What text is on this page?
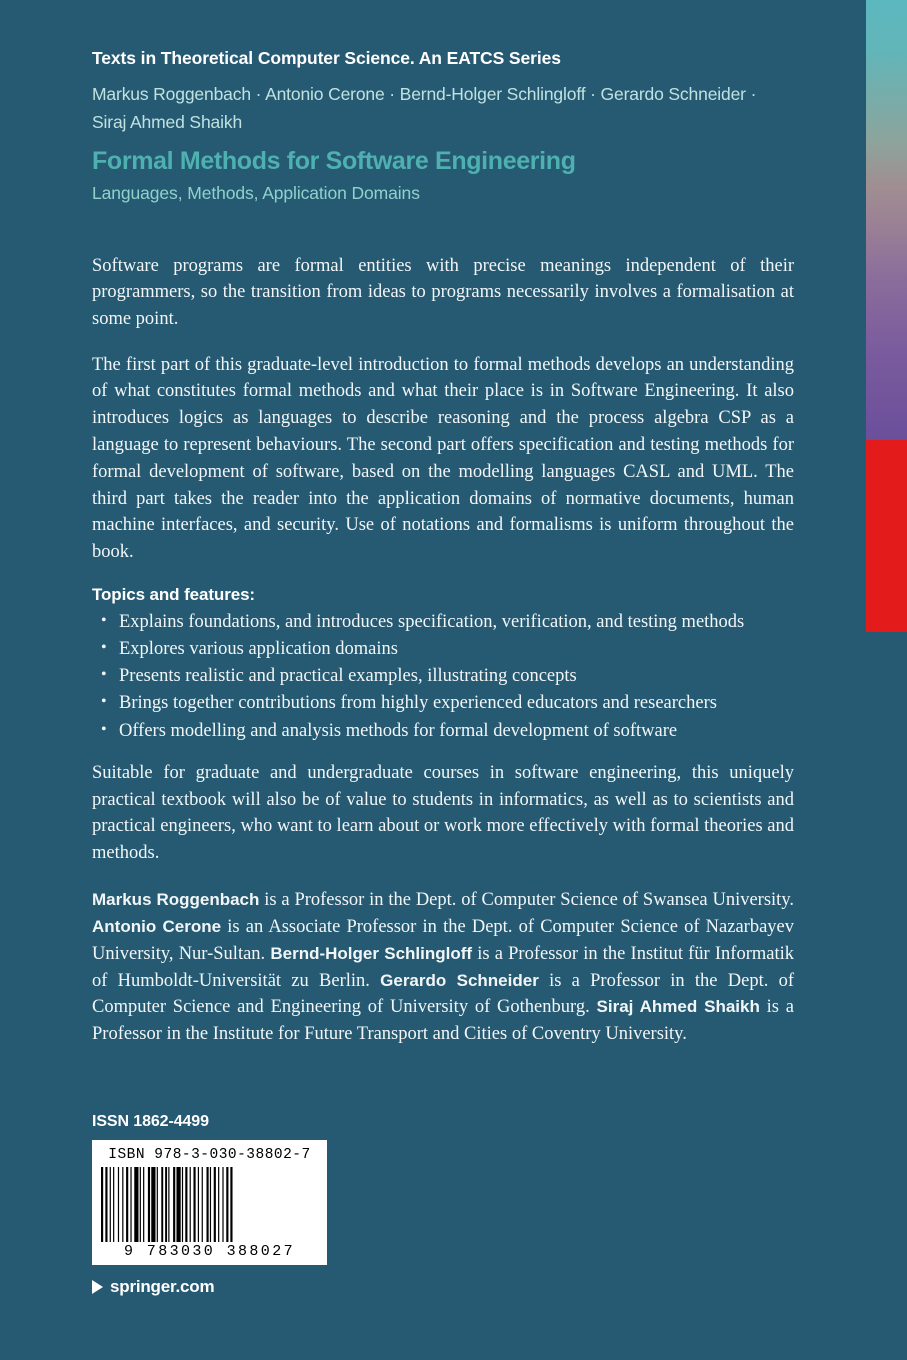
Texts in Theoretical Computer Science. An EATCS Series
Markus Roggenbach · Antonio Cerone · Bernd-Holger Schlingloff · Gerardo Schneider · Siraj Ahmed Shaikh
Formal Methods for Software Engineering
Languages, Methods, Application Domains

Software programs are formal entities with precise meanings independent of their programmers, so the transition from ideas to programs necessarily involves a formalisation at some point.

The first part of this graduate-level introduction to formal methods develops an understanding of what constitutes formal methods and what their place is in Software Engineering. It also introduces logics as languages to describe reasoning and the process algebra CSP as a language to represent behaviours. The second part offers specification and testing methods for formal development of software, based on the modelling languages CASL and UML. The third part takes the reader into the application domains of normative documents, human machine interfaces, and security. Use of notations and formalisms is uniform throughout the book.

Topics and features:
• Explains foundations, and introduces specification, verification, and testing methods
• Explores various application domains
• Presents realistic and practical examples, illustrating concepts
• Brings together contributions from highly experienced educators and researchers
• Offers modelling and analysis methods for formal development of software

Suitable for graduate and undergraduate courses in software engineering, this uniquely practical textbook will also be of value to students in informatics, as well as to scientists and practical engineers, who want to learn about or work more effectively with formal theories and methods.

Markus Roggenbach is a Professor in the Dept. of Computer Science of Swansea University. Antonio Cerone is an Associate Professor in the Dept. of Computer Science of Nazarbayev University, Nur-Sultan. Bernd-Holger Schlingloff is a Professor in the Institut für Informatik of Humboldt-Universität zu Berlin. Gerardo Schneider is a Professor in the Dept. of Computer Science and Engineering of University of Gothenburg. Siraj Ahmed Shaikh is a Professor in the Institute for Future Transport and Cities of Coventry University.

ISSN 1862-4499
ISBN 978-3-030-38802-7
9 783030 388027
springer.com
